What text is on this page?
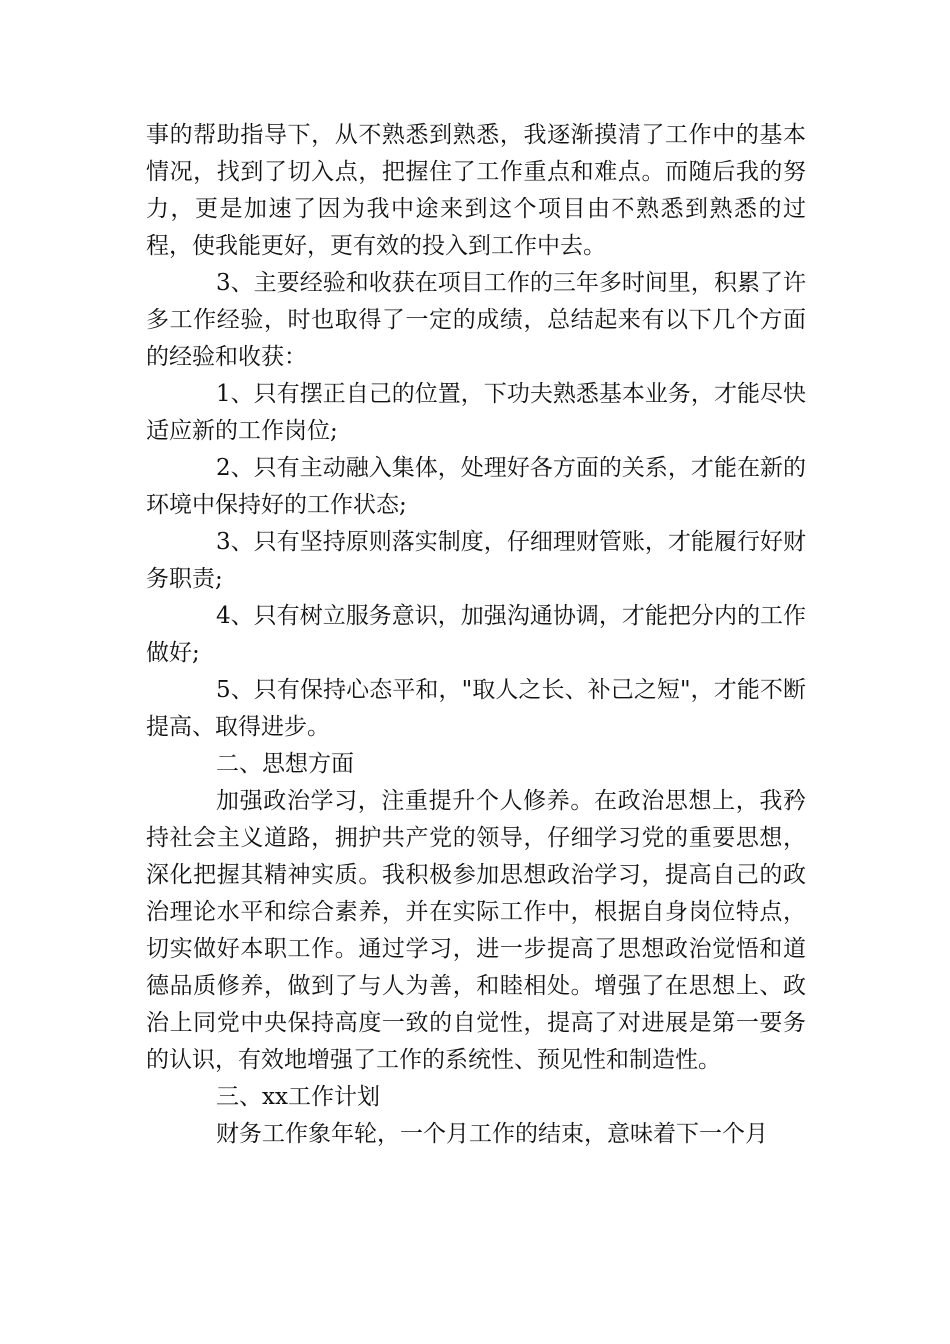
事的帮助指导下，从不熟悉到熟悉，我逐渐摸清了工作中的基本情况，找到了切入点，把握住了工作重点和难点。而随后我的努力，更是加速了因为我中途来到这个项目由不熟悉到熟悉的过程，使我能更好，更有效的投入到工作中去。

3、主要经验和收获在项目工作的三年多时间里，积累了许多工作经验，时也取得了一定的成绩，总结起来有以下几个方面的经验和收获：

1、只有摆正自己的位置，下功夫熟悉基本业务，才能尽快适应新的工作岗位;

2、只有主动融入集体，处理好各方面的关系，才能在新的环境中保持好的工作状态;

3、只有坚持原则落实制度，仔细理财管账，才能履行好财务职责;

4、只有树立服务意识，加强沟通协调，才能把分内的工作做好;

5、只有保持心态平和，"取人之长、补己之短"，才能不断提高、取得进步。

二、思想方面

加强政治学习，注重提升个人修养。在政治思想上，我矜持社会主义道路，拥护共产党的领导，仔细学习党的重要思想，深化把握其精神实质。我积极参加思想政治学习，提高自己的政治理论水平和综合素养，并在实际工作中，根据自身岗位特点，切实做好本职工作。通过学习，进一步提高了思想政治觉悟和道德品质修养，做到了与人为善，和睦相处。增强了在思想上、政治上同党中央保持高度一致的自觉性，提高了对进展是第一要务的认识，有效地增强了工作的系统性、预见性和制造性。

三、xx工作计划

财务工作象年轮，一个月工作的结束，意味着下一个月
